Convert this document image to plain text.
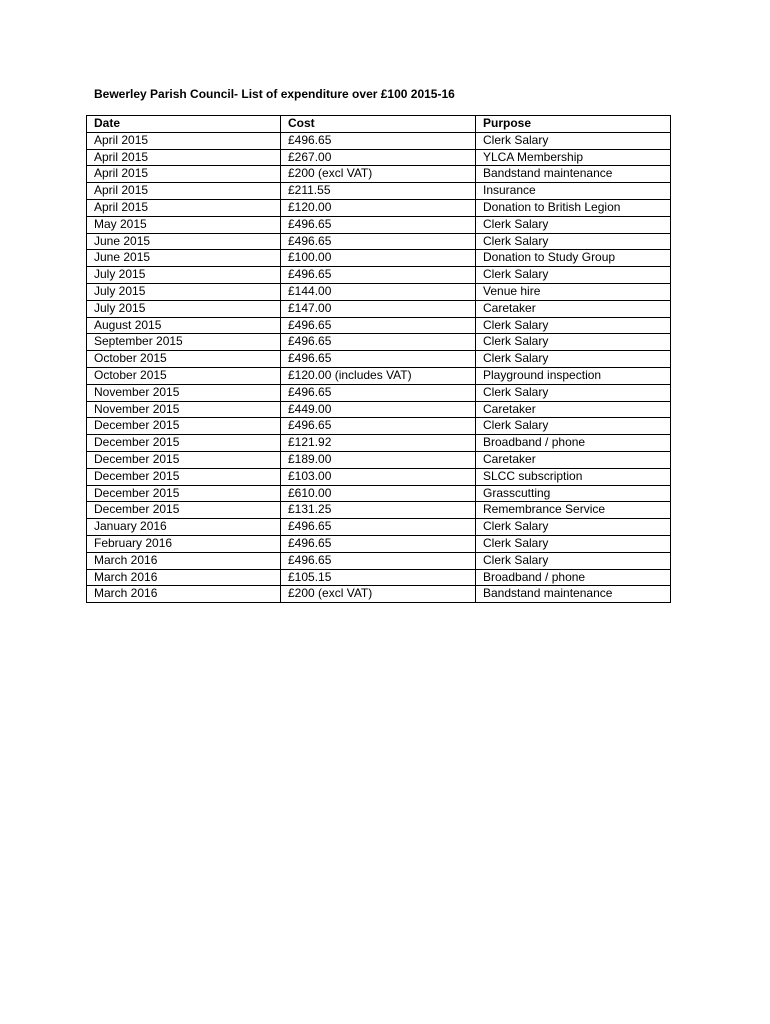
Bewerley Parish Council- List of expenditure over £100 2015-16
Date	Cost	Purpose
April 2015	£496.65	Clerk Salary
April 2015	£267.00	YLCA Membership
April 2015	£200 (excl VAT)	Bandstand maintenance
April 2015	£211.55	Insurance
April 2015	£120.00	Donation to British Legion
May 2015	£496.65	Clerk Salary
June 2015	£496.65	Clerk Salary
June 2015	£100.00	Donation to Study Group
July 2015	£496.65	Clerk Salary
July 2015	£144.00	Venue hire
July 2015	£147.00	Caretaker
August 2015	£496.65	Clerk Salary
September 2015	£496.65	Clerk Salary
October 2015	£496.65	Clerk Salary
October 2015	£120.00 (includes VAT)	Playground inspection
November 2015	£496.65	Clerk Salary
November 2015	£449.00	Caretaker
December 2015	£496.65	Clerk Salary
December 2015	£121.92	Broadband / phone
December 2015	£189.00	Caretaker
December 2015	£103.00	SLCC subscription
December 2015	£610.00	Grasscutting
December 2015	£131.25	Remembrance Service
January 2016	£496.65	Clerk Salary
February 2016	£496.65	Clerk Salary
March 2016	£496.65	Clerk Salary
March 2016	£105.15	Broadband / phone
March 2016	£200 (excl VAT)	Bandstand maintenance
